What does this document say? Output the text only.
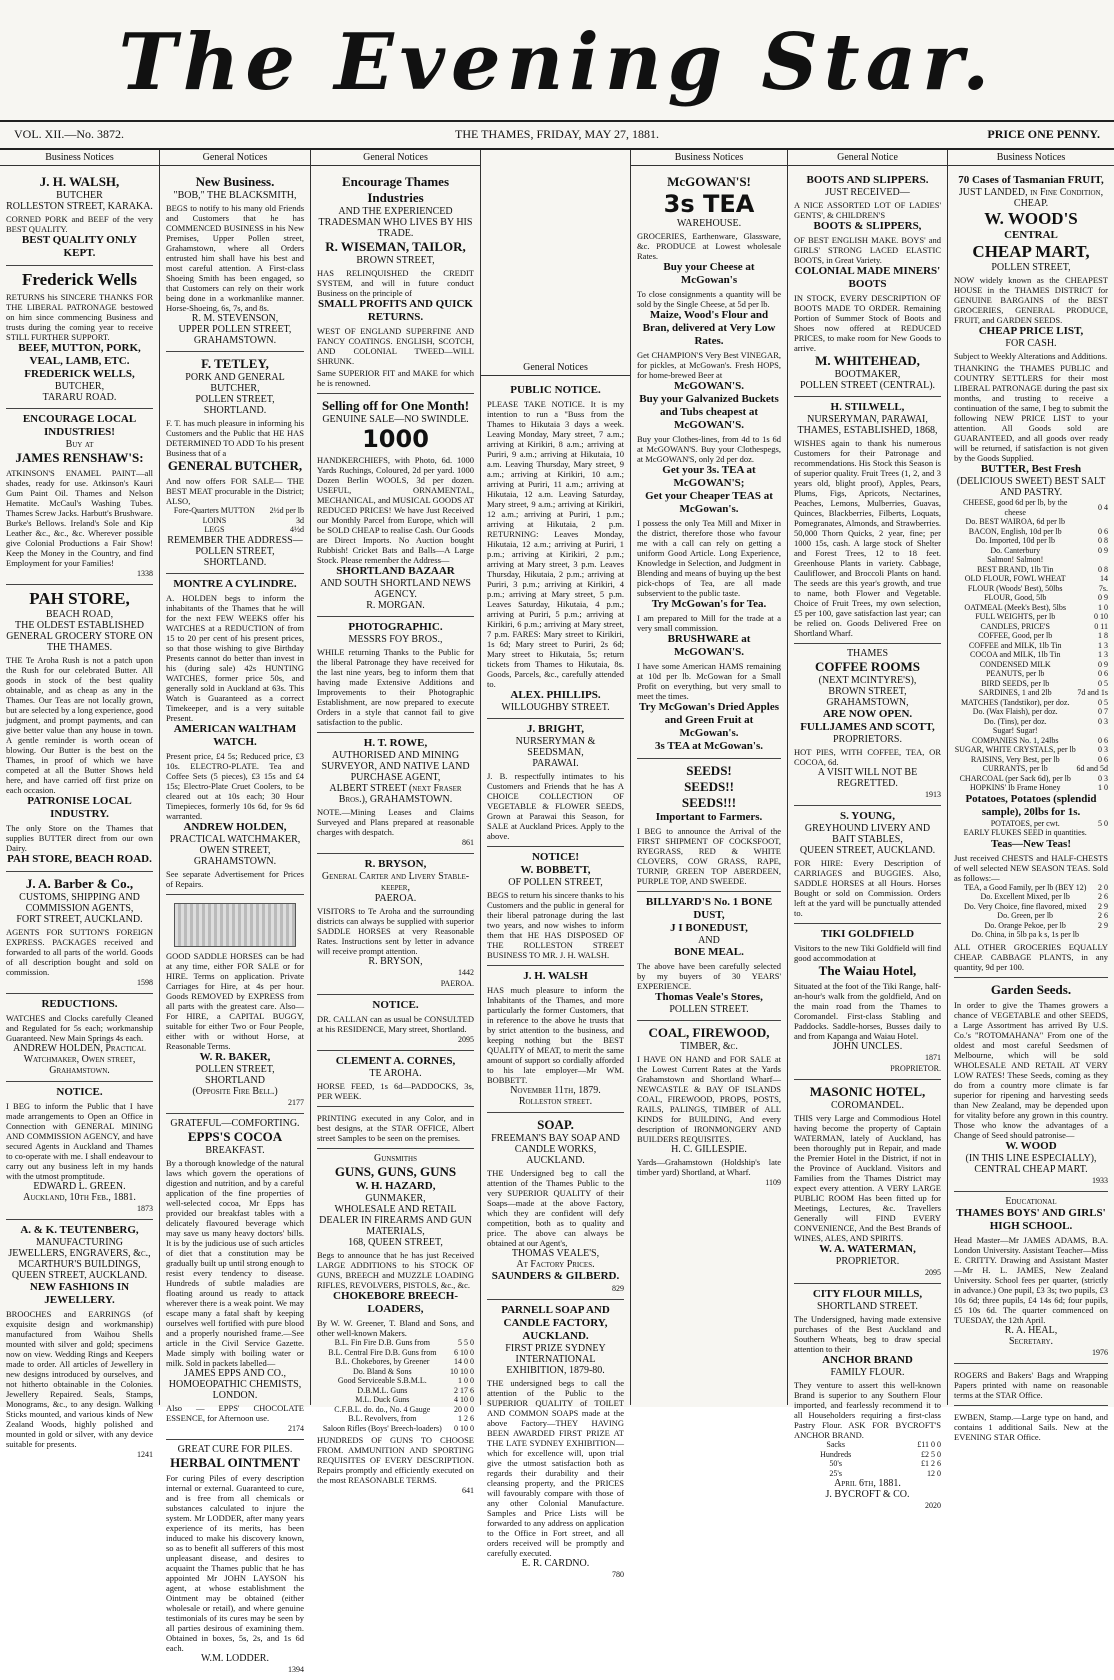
The Evening Star.
THE THAMES, FRIDAY, MAY 27, 1881.
VOL. XII.—No. 3872.	PRICE ONE PENNY.
Business Notices
J. H. WALSH,
BUTCHER
ROLLESTON STREET, KARAKA.
CORNED PORK and BEEF of the very BEST QUALITY.
BEST QUALITY ONLY KEPT.
Frederick Wells
RETURNS his SINCERE THANKS FOR THE LIBERAL PATRONAGE bestowed on him since commencing Business and trusts during the coming year to receive STILL FURTHER SUPPORT.
BEEF, MUTTON, PORK, VEAL, LAMB, ETC.
FREDERICK WELLS,
BUTCHER,
TARARU ROAD.
ENCOURAGE LOCAL INDUSTRIES!
Buy at
JAMES RENSHAW'S:
ATKINSON'S ENAMEL PAINT—all shades, ready for use. Atkinson's Kauri Gum Paint Oil. Thames and Nelson Hematite. McCaul's Washing Tubes. Thames Screw Jacks. Harbutt's Brushware. Burke's Bellows. Ireland's Sole and Kip Leather &c., &c., &c. Wherever possible give Colonial Productions a Fair Show! Keep the Money in the Country, and find Employment for your Families!
1338
PAH STORE,
BEACH ROAD,
THE OLDEST ESTABLISHED GENERAL GROCERY STORE ON THE THAMES.
THE Te Aroha Rush is not a patch upon the Rush for our celebrated Butter. All goods in stock of the best quality obtainable, and as cheap as any in the Thames. Our Teas are not locally grown, but are selected by a long experience, good judgment, and prompt payments, and can give better value than any house in town. A gentle reminder is worth ocean of blowing. Our Butter is the best on the Thames, in proof of which we have competed at all the Butter Shows held here, and have carried off first prize on each occasion.
PATRONISE LOCAL INDUSTRY.
The only Store on the Thames that supplies BUTTER direct from our own Dairy.
PAH STORE, BEACH ROAD.
J. A. Barber & Co.,
CUSTOMS, SHIPPING AND COMMISSION AGENTS,
FORT STREET, AUCKLAND.
AGENTS FOR SUTTON'S FOREIGN EXPRESS. PACKAGES received and forwarded to all parts of the world. Goods of all description bought and sold on commission.
1598
REDUCTIONS.
WATCHES and Clocks carefully Cleaned and Regulated for 5s each; workmanship Guaranteed. New Main Springs 4s each.
ANDREW HOLDEN, Practical Watchmaker, Owen street, Grahamstown.
NOTICE.
I BEG to inform the Public that I have made arrangements to Open an Office in Connection with GENERAL MINING AND COMMISSION AGENCY, and have secured Agents in Auckland and Thames to co-operate with me. I shall endeavour to carry out any business left in my hands with the utmost promptitude.
EDWARD L. GREEN.
Auckland, 10th Feb., 1881.
1873
A. & K. TEUTENBERG,
MANUFACTURING JEWELLERS, ENGRAVERS, &c.,
MCARTHUR'S BUILDINGS, QUEEN STREET, AUCKLAND.
NEW FASHIONS IN JEWELLERY.
BROOCHES and EARRINGS (of exquisite design and workmanship) manufactured from Waihou Shells mounted with silver and gold; specimens now on view. Wedding Rings and Keepers made to order. All articles of Jewellery in new designs introduced by ourselves, and not hitherto obtainable in the Colonies. Jewellery Repaired. Seals, Stamps, Monograms, &c., to any design. Walking Sticks mounted, and various kinds of New Zealand Woods, highly polished and mounted in gold or silver, with any device suitable for presents.
1241
General Notices
New Business.
"BOB," THE BLACKSMITH,
BEGS to notify to his many old Friends and Customers that he has COMMENCED BUSINESS in his New Premises, Upper Pollen street, Grahamstown, where all Orders entrusted him shall have his best and most careful attention. A First-class Shoeing Smith has been engaged, so that Customers can rely on their work being done in a workmanlike manner. Horse-Shoeing, 6s, 7s, and 8s.
R. M. STEVENSON,
UPPER POLLEN STREET, GRAHAMSTOWN.
F. TETLEY,
PORK AND GENERAL BUTCHER,
POLLEN STREET, SHORTLAND.
F. T. has much pleasure in informing his Customers and the Public that HE HAS DETERMINED TO ADD To his present Business that of a
GENERAL BUTCHER,
And now offers FOR SALE— THE BEST MEAT procurable in the District; ALSO,
Fore-Quarters MUTTON	2½d per lb
LOINS	3d
LEGS	4½d
REMEMBER THE ADDRESS— POLLEN STREET, SHORTLAND.
MONTRE A CYLINDRE.
A. HOLDEN begs to inform the inhabitants of the Thames that he will for the next FEW WEEKS offer his WATCHES at a REDUCTION of from 15 to 20 per cent of his present prices, so that those wishing to give Birthday Presents cannot do better than invest in his (during sale) 42s HUNTING WATCHES, former price 50s, and generally sold in Auckland at 63s. This Watch is Guaranteed as a correct Timekeeper, and is a very suitable Present.
AMERICAN WALTHAM WATCH.
Present price, £4 5s; Reduced price, £3 10s. ELECTRO-PLATE. Tea and Coffee Sets (5 pieces), £3 15s and £4 15s; Electro-Plate Cruet Coolers, to be cleared out at 10s each; 30 Hour Timepieces, formerly 10s 6d, for 9s 6d warranted.
ANDREW HOLDEN,
PRACTICAL WATCHMAKER,
OWEN STREET, GRAHAMSTOWN.
See separate Advertisement for Prices of Repairs.
GOOD SADDLE HORSES can be had at any time, either FOR SALE or for HIRE. Terms on application. Private Carriages for Hire, at 4s per hour. Goods REMOVED by EXPRESS from all parts with the greatest care. Also— For HIRE, a CAPITAL BUGGY, suitable for either Two or Four People, either with or without Horse, at Reasonable Terms.
W. R. BAKER,
POLLEN STREET, SHORTLAND
(Opposite Fire Bell.)
2177
GRATEFUL—COMFORTING.
EPPS'S COCOA
BREAKFAST.
By a thorough knowledge of the natural laws which govern the operations of digestion and nutrition, and by a careful application of the fine properties of well-selected cocoa, Mr Epps has provided our breakfast tables with a delicately flavoured beverage which may save us many heavy doctors' bills. It is by the judicious use of such articles of diet that a constitution may be gradually built up until strong enough to resist every tendency to disease. Hundreds of subtle maladies are floating around us ready to attack wherever there is a weak point. We may escape many a fatal shaft by keeping ourselves well fortified with pure blood and a properly nourished frame.—See article in the Civil Service Gazette. Made simply with boiling water or milk. Sold in packets labelled—
JAMES EPPS AND CO., HOMOEOPATHIC CHEMISTS, LONDON.
Also — EPPS' CHOCOLATE ESSENCE, for Afternoon use.
2174
GREAT CURE FOR PILES.
HERBAL OINTMENT
For curing Piles of every description internal or external. Guaranteed to cure, and is free from all chemicals or substances calculated to injure the system. Mr LODDER, after many years experience of its merits, has been induced to make his discovery known, so as to benefit all sufferers of this most unpleasant disease, and desires to acquaint the Thames public that he has appointed Mr JOHN LAYSON his agent, at whose establishment the Ointment may be obtained (either wholesale or retail), and where genuine testimonials of its cures may be seen by all parties desirous of examining them. Obtained in boxes, 5s, 2s, and 1s 6d each.
W.M. LODDER.
1394
General Notices
Encourage Thames Industries
AND THE EXPERIENCED TRADESMAN WHO LIVES BY HIS TRADE.
R. WISEMAN, TAILOR,
BROWN STREET,
HAS RELINQUISHED the CREDIT SYSTEM, and will in future conduct Business on the principle of
SMALL PROFITS AND QUICK RETURNS.
WEST OF ENGLAND SUPERFINE AND FANCY COATINGS. ENGLISH, SCOTCH, AND COLONIAL TWEED—WILL SHRUNK.
Same SUPERIOR FIT and MAKE for which he is renowned.
Selling off for One Month!
GENUINE SALE—NO SWINDLE.
1000
HANDKERCHIEFS, with Photo, 6d. 1000 Yards Ruchings, Coloured, 2d per yard. 1000 Dozen Berlin WOOLS, 3d per dozen. USEFUL, ORNAMENTAL, MECHANICAL, and MUSICAL GOODS AT REDUCED PRICES! We have Just Received our Monthly Parcel from Europe, which will be SOLD CHEAP to realise Cash. Our Goods are Direct Imports. No Auction bought Rubbish! Cricket Bats and Balls—A Large Stock. Please remember the Address—
SHORTLAND BAZAAR
AND SOUTH SHORTLAND NEWS AGENCY.
R. MORGAN.
PHOTOGRAPHIC.
MESSRS FOY BROS.,
WHILE returning Thanks to the Public for the liberal Patronage they have received for the last nine years, beg to inform them that having made Extensive Additions and Improvements to their Photographic Establishment, are now prepared to execute Orders in a style that cannot fail to give satisfaction to the public.
H. T. ROWE,
AUTHORISED AND MINING SURVEYOR, AND NATIVE LAND PURCHASE AGENT,
ALBERT STREET (next Fraser Bros.), GRAHAMSTOWN.
NOTE.—Mining Leases and Claims Surveyed and Plans prepared at reasonable charges with despatch.
861
R. BRYSON,
General Carter and Livery Stable-keeper,
PAEROA.
VISITORS to Te Aroha and the surrounding districts can always be supplied with superior SADDLE HORSES at very Reasonable Rates. Instructions sent by letter in advance will receive prompt attention.
R. BRYSON,
1442
PAEROA.
NOTICE.
DR. CALLAN can as usual be CONSULTED at his RESIDENCE, Mary street, Shortland.
2095
CLEMENT A. CORNES,
TE AROHA.
HORSE FEED, 1s 6d—PADDOCKS, 3s, PER WEEK.
PRINTING executed in any Color, and in best designs, at the STAR OFFICE, Albert street Samples to be seen on the premises.
Gunsmiths
GUNS, GUNS, GUNS
W. H. HAZARD,
GUNMAKER,
WHOLESALE AND RETAIL DEALER IN FIREARMS AND GUN MATERIALS,
168, QUEEN STREET,
Begs to announce that he has just Received LARGE ADDITIONS to his STOCK OF GUNS, BREECH and MUZZLE LOADING RIFLES, REVOLVERS, PISTOLS, &c., &c.
CHOKEBORE BREECH-LOADERS,
By W. W. Greener, T. Bland and Sons, and other well-known Makers.
B.L. Fin Fire D.B. Guns from	5 5 0
B.L. Central Fire D.B. Guns from	6 10 0
B.L. Chokebores, by Greener	14 0 0
Do. Bland & Sons	10 10 0
Good Serviceable S.B.M.L.	1 0 0
D.B.M.L. Guns	2 17 6
M.L. Duck Guns	4 10 0
C.F.B.L. do. do., No. 4 Gauge	20 0 0
B.L. Revolvers, from	1 2 6
Saloon Rifles (Boys' Breech-loaders)	0 10 0
HUNDREDS OF GUNS TO CHOOSE FROM. AMMUNITION AND SPORTING REQUISITES OF EVERY DESCRIPTION. Repairs promptly and efficiently executed on the most REASONABLE TERMS.
641
General Notices
PUBLIC NOTICE.
PLEASE TAKE NOTICE. It is my intention to run a "Buss from the Thames to Hikutaia 3 days a week. Leaving Monday, Mary street, 7 a.m.; arriving at Kirikiri, 8 a.m.; arriving at Puriri, 9 a.m.; arriving at Hikutaia, 10 a.m. Leaving Thursday, Mary street, 9 a.m.; arriving at Kirikiri, 10 a.m.; arriving at Puriri, 11 a.m.; arriving at Hikutaia, 12 a.m. Leaving Saturday, Mary street, 9 a.m.; arriving at Kirikiri, 12 a.m.; arriving at Puriri, 1 p.m.; arriving at Hikutaia, 2 p.m. RETURNING: Leaves Monday, Hikutaia, 12 a.m.; arriving at Puriri, 1 p.m.; arriving at Kirikiri, 2 p.m.; arriving at Mary street, 3 p.m. Leaves Thursday, Hikutaia, 2 p.m.; arriving at Puriri, 3 p.m.; arriving at Kirikiri, 4 p.m.; arriving at Mary street, 5 p.m. Leaves Saturday, Hikutaia, 4 p.m.; arriving at Puriri, 5 p.m.; arriving at Kirikiri, 6 p.m.; arriving at Mary street, 7 p.m. FARES: Mary street to Kirikiri, 1s 6d; Mary street to Puriri, 2s 6d; Mary street to Hikutaia, 5s; return tickets from Thames to Hikutaia, 8s. Goods, Parcels, &c., carefully attended to.
ALEX. PHILLIPS.
WILLOUGHBY STREET.
J. BRIGHT,
NURSERYMAN & SEEDSMAN,
PARAWAI.
J. B. respectfully intimates to his Customers and Friends that he has A CHOICE COLLECTION OF VEGETABLE & FLOWER SEEDS, Grown at Parawai this Season, for SALE at Auckland Prices. Apply to the above.
NOTICE!
W. BOBBETT,
OF POLLEN STREET,
BEGS to return his sincere thanks to his Customers and the public in general for their liberal patronage during the last two years, and now wishes to inform them that HE HAS DISPOSED OF THE ROLLESTON STREET BUSINESS TO MR. J. H. WALSH.
J. H. WALSH
HAS much pleasure to inform the Inhabitants of the Thames, and more particularly the former Customers, that in reference to the above he trusts that by strict attention to the business, and keeping nothing but the BEST QUALITY of MEAT, to merit the same amount of support so cordially afforded to his late employer—Mr WM. BOBBETT.
November 11th, 1879.
Rolleston street.
SOAP.
FREEMAN'S BAY SOAP AND CANDLE WORKS, AUCKLAND.
THE Undersigned beg to call the attention of the Thames Public to the very SUPERIOR QUALITY of their Soaps—made at the above Factory, which they are confident will defy competition, both as to quality and price. The above can always be obtained at our Agent's,
THOMAS VEALE'S,
At Factory Prices.
SAUNDERS & GILBERD.
829
PARNELL SOAP AND CANDLE FACTORY, AUCKLAND.
FIRST PRIZE SYDNEY INTERNATIONAL EXHIBITION, 1879-80.
THE undersigned begs to call the attention of the Public to the SUPERIOR QUALITY of TOILET AND COMMON SOAPS made at the above Factory—THEY HAVING BEEN AWARDED FIRST PRIZE AT THE LATE SYDNEY EXHIBITION—which for excellence will, upon trial give the utmost satisfaction both as regards their durability and their cleansing property, and the PRICES will favourably compare with those of any other Colonial Manufacture. Samples and Price Lists will be forwarded to any address on application to the Office in Fort street, and all orders received will be promptly and carefully executed.
E. R. CARDNO.
780
Business Notices
McGOWAN'S!
3s TEA
WAREHOUSE.
GROCERIES, Earthenware, Glassware, &c. PRODUCE at Lowest wholesale Rates.
Buy your Cheese at McGowan's
To close consignments a quantity will be sold by the Single Cheese, at 5d per lb.
Maize, Wood's Flour and Bran, delivered at Very Low Rates.
Get CHAMPION'S Very Best VINEGAR, for pickles, at McGowan's. Fresh HOPS, for home-brewed Beer at
McGOWAN'S.
Buy your Galvanized Buckets and Tubs cheapest at
McGOWAN'S.
Buy your Clothes-lines, from 4d to 1s 6d at McGOWAN'S. Buy your Clothespegs, at McGOWAN'S, only 2d per doz.
Get your 3s. TEA at McGOWAN'S;
Get your Cheaper TEAS at McGowan's.
I possess the only Tea Mill and Mixer in the district, therefore those who favour me with a call can rely on getting a uniform Good Article. Long Experience, Knowledge in Selection, and Judgment in Blending and means of buying up the best pick-chops of Tea, are all made subservient to the public taste.
Try McGowan's for Tea.
I am prepared to Mill for the trade at a very small commission.
BRUSHWARE at McGOWAN'S.
I have some American HAMS remaining at 10d per lb. McGowan for a Small Profit on everything, but very small to meet the times.
Try McGowan's Dried Apples and Green Fruit at McGowan's.
3s TEA at McGowan's.
SEEDS!
SEEDS!!
SEEDS!!!
Important to Farmers.
I BEG to announce the Arrival of the FIRST SHIPMENT OF COCKSFOOT, RYEGRASS, RED & WHITE CLOVERS, COW GRASS, RAPE, TURNIP, GREEN TOP ABERDEEN, PURPLE TOP, AND SWEEDE.
BILLYARD'S No. 1 BONE DUST,
J I BONEDUST,
AND
BONE MEAL.
The above have been carefully selected by my buyers of 30 YEARS' EXPERIENCE.
Thomas Veale's Stores,
POLLEN STREET.
COAL, FIREWOOD,
TIMBER, &c.
I HAVE ON HAND and FOR SALE at the Lowest Current Rates at the Yards Grahamstown and Shortland Wharf— NEWCASTLE & BAY OF ISLANDS COAL, FIREWOOD, PROPS, POSTS, RAILS, PALINGS, TIMBER of ALL KINDS for BUILDING, And every description of IRONMONGERY AND BUILDERS REQUISITES.
H. C. GILLESPIE.
Yards—Grahamstown (Holdship's late timber yard) Shortland, at Wharf.
1109
General Notice
BOOTS AND SLIPPERS.
JUST RECEIVED—
A NICE ASSORTED LOT OF LADIES' GENTS', & CHILDREN'S
BOOTS & SLIPPERS,
OF BEST ENGLISH MAKE. BOYS' and GIRLS' STRONG LACED ELASTIC BOOTS, in Great Variety.
COLONIAL MADE MINERS' BOOTS
IN STOCK, EVERY DESCRIPTION OF BOOTS MADE TO ORDER. Remaining Portion of Summer Stock of Boots and Shoes now offered at REDUCED PRICES, to make room for New Goods to arrive.
M. WHITEHEAD,
BOOTMAKER,
POLLEN STREET (CENTRAL).
H. STILWELL,
NURSERYMAN, PARAWAI, THAMES, ESTABLISHED, 1868,
WISHES again to thank his numerous Customers for their Patronage and recommendations. His Stock this Season is of superior quality. Fruit Trees (1, 2, and 3 years old, blight proof), Apples, Pears, Plums, Figs, Apricots, Nectarines, Peaches, Lemons, Mulberries, Guavas, Quinces, Blackberries, Filberts, Loquats, Pomegranates, Almonds, and Strawberries. 50,000 Thorn Quicks, 2 year, fine; per 1000 15s, cash. A large stock of Shelter and Forest Trees, 12 to 18 feet. Greenhouse Plants in variety. Cabbage, Cauliflower, and Broccoli Plants on hand. The seeds are this year's growth, and true to name, both Flower and Vegetable. Choice of Fruit Trees, my own selection, £5 per 100, gave satisfaction last year; can be relied on. Goods Delivered Free on Shortland Wharf.
THAMES
COFFEE ROOMS
(NEXT MCINTYRE'S),
BROWN STREET, GRAHAMSTOWN,
ARE NOW OPEN.
FULLJAMES AND SCOTT,
PROPRIETORS.
HOT PIES, WITH COFFEE, TEA, OR COCOA, 6d.
A VISIT WILL NOT BE REGRETTED.
1913
S. YOUNG,
GREYHOUND LIVERY AND BAIT STABLES,
QUEEN STREET, AUCKLAND.
FOR HIRE: Every Description of CARRIAGES and BUGGIES. Also, SADDLE HORSES at all Hours. Horses Bought or sold on Commission. Orders left at the yard will be punctually attended to.
TIKI GOLDFIELD
Visitors to the new Tiki Goldfield will find good accommodation at
The Waiau Hotel,
Situated at the foot of the Tiki Range, half-an-hour's walk from the goldfield, And on the main road from the Thames to Coromandel. First-class Stabling and Paddocks. Saddle-horses, Busses daily to and from Kapanga and Waiau Hotel.
JOHN UNCLES.
1871
PROPRIETOR.
MASONIC HOTEL,
COROMANDEL.
THIS very Large and Commodious Hotel having become the property of Captain WATERMAN, lately of Auckland, has been thoroughly put in Repair, and made the Premier Hotel in the District, if not in the Province of Auckland. Visitors and Families from the Thames District may expect every attention. A VERY LARGE PUBLIC ROOM Has been fitted up for Meetings, Lectures, &c. Travellers Generally will FIND EVERY CONVENIENCE, And the Best Brands of WINES, ALES, AND SPIRITS.
W. A. WATERMAN,
PROPRIETOR.
2095
CITY FLOUR MILLS,
SHORTLAND STREET.
The Undersigned, having made extensive purchases of the Best Auckland and Southern Wheats, beg to draw special attention to their
ANCHOR BRAND
FAMILY FLOUR.
They venture to assert this well-known Brand is superior to any Southern Flour imported, and fearlessly recommend it to all Householders requiring a first-class Pastry Flour. ASK FOR BYCROFT'S ANCHOR BRAND.
Sacks	£11 0 0
Hundreds	£2 5 0
50's	£1 2 6
25's	12 0
April 6th, 1881.
J. BYCROFT & CO.
2020
Business Notices
70 Cases of Tasmanian FRUIT,
JUST LANDED, in Fine Condition, CHEAP.
W. WOOD'S
CENTRAL
CHEAP MART,
POLLEN STREET,
NOW widely known as the CHEAPEST HOUSE in the THAMES DISTRICT for GENUINE BARGAINS of the BEST GROCERIES, GENERAL PRODUCE, FRUIT, and GARDEN SEEDS.
CHEAP PRICE LIST,
FOR CASH.
Subject to Weekly Alterations and Additions.
THANKING the THAMES PUBLIC and COUNTRY SETTLERS for their most LIBERAL PATRONAGE during the past six months, and trusting to receive a continuation of the same, I beg to submit the following NEW PRICE LIST to your attention. All Goods sold are GUARANTEED, and all goods over ready will be returned, if satisfaction is not given by the Goods Supplied.
BUTTER, Best Fresh
(DELICIOUS SWEET) BEST SALT AND PASTRY.
CHEESE, good 6d per lb, by the cheese	0 4
Do. BEST WAIROA, 6d per lb	
BACON, English, 10d per lb	0 6
Do. Imported, 10d per lb	0 8
Do. Canterbury	0 9
Salmon! Salmon!	
BEST BRAND, 1lb Tin	0 8
OLD FLOUR, FOWL WHEAT	14
FLOUR (Woods' Best), 50lbs	7s.
FLOUR, Good, 5lb	0 9
OATMEAL (Meek's Best), 5lbs	1 0
FULL WEIGHTS, per lb	0 10
CANDLES, PRICE'S	0 11
COFFEE, Good, per lb	1 8
COFFEE and MILK, 1lb Tin	1 3
COCOA and MILK, 1lb Tin	1 3
CONDENSED MILK	0 9
PEANUTS, per lb	0 6
BIRD SEEDS, per lb	0 5
SARDINES, 1 and 2lb	7d and 1s
MATCHES (Tandstikor), per doz.	0 5
Do. (Wax Flaish), per doz.	0 7
Do. (Tins), per doz.	0 3
Sugar! Sugar!	
COMPANIES No. 1, 24lbs	0 6
SUGAR, WHITE CRYSTALS, per lb	0 3
RAISINS, Very Best, per lb	0 6
CURRANTS, per lb	6d and 5d
CHARCOAL (per Sack 6d), per lb	0 3
HOPKINS' Ib Frame Honey	1 0
Potatoes, Potatoes (splendid sample), 20lbs for 1s.
POTATOES, per cwt.	5 0
EARLY FLUKES SEED in quantities.	
Teas—New Teas!
Just received CHESTS and HALF-CHESTS of well selected NEW SEASON TEAS. Sold as follows:—
TEA, a Good Family, per lb (BEY 12)	2 0
Do. Excellent Mixed, per lb	2 6
Do. Very Choice, fine flavored, mixed	2 9
Do. Green, per lb	2 6
Do. Orange Pekoe, per lb	2 9
Do. China, in 5lb pa k s, 1s per lb	
ALL OTHER GROCERIES EQUALLY CHEAP. CABBAGE PLANTS, in any quantity, 9d per 100.
Garden Seeds.
In order to give the Thames growers a chance of VEGETABLE and other SEEDS, a Large Assortment has arrived By U.S. Co.'s "ROTOMAHANA" From one of the oldest and most careful Seedsmen of Melbourne, which will be sold WHOLESALE AND RETAIL AT VERY LOW RATES! These Seeds, coming as they do from a country more climate is far superior for ripening and harvesting seeds than New Zealand, may be depended upon for vitality before any grown in this country. Those who know the advantages of a Change of Seed should patronise—
W. WOOD
(IN THIS LINE ESPECIALLY),
CENTRAL CHEAP MART.
1933
Educational
THAMES BOYS' AND GIRLS' HIGH SCHOOL.
Head Master—Mr JAMES ADAMS, B.A. London University. Assistant Teacher—Miss E. CRITTY. Drawing and Assistant Master—Mr H. L. JAMES, New Zealand University. School fees per quarter, (strictly in advance.) One pupil, £3 3s; two pupils, £3 10s 6d; three pupils, £4 14s 6d; four pupils, £5 10s 6d. The quarter commenced on TUESDAY, the 12th April.
R. A. HEAL,
Secretary.
1976
ROGERS and Bakers' Bags and Wrapping Papers printed with name on reasonable terms at the STAR Office.
EWBEN, Stamp.—Large type on hand, and contains 1 additional Sails. New at the EVENING STAR Office.
